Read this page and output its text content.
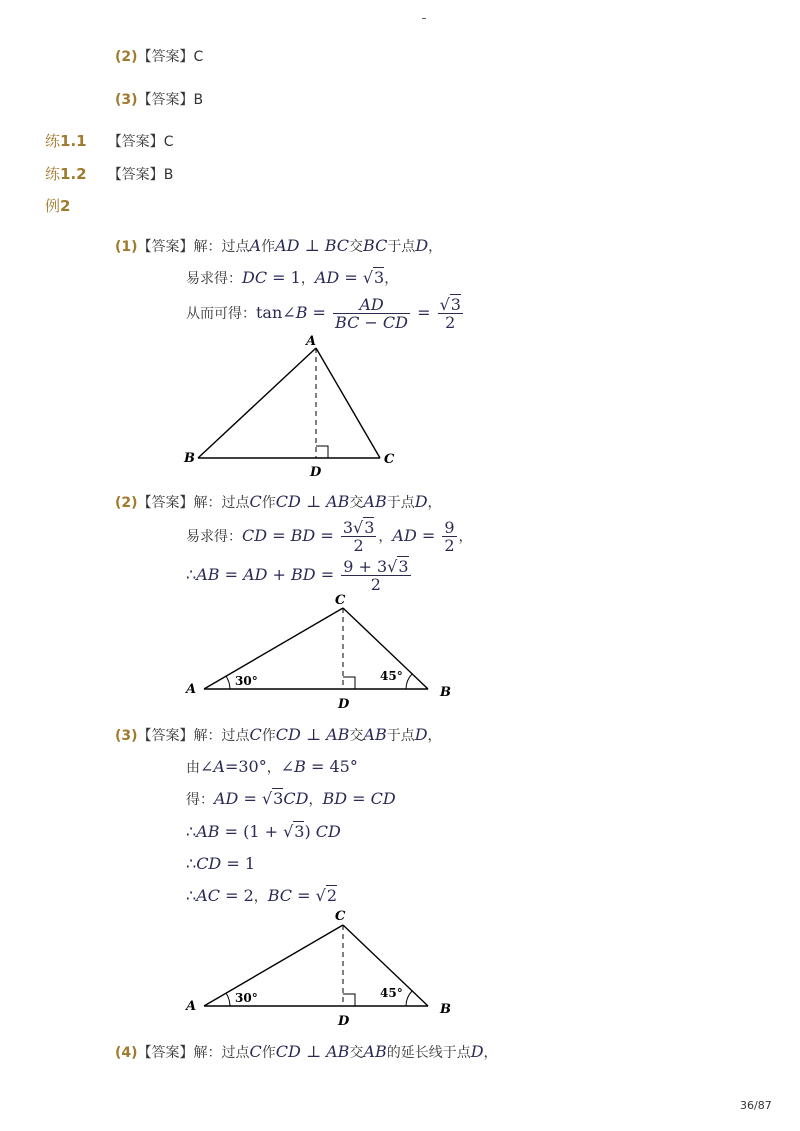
(2)【答案】C
(3)【答案】B
练1.1 【答案】C
练1.2 【答案】B
例2
(1)【答案】解：过点A作AD ⊥ BC交BC于点D，
易求得：DC = 1，AD = √3，
从而可得：tan∠B = $\frac{AD}{BC - CD} = \frac{√3}{2}$
A
B	C
D
(2)【答案】解：过点C作CD ⊥ AB交AB于点D，
易求得：CD = BD = $\frac{3√3}{2}$ ，AD = $\frac{9}{2}$ ，
∴AB = AD + BD = $\frac{9 + 3√3}{2}$
C
A	B
D
30°	45°
(3)【答案】解：过点C作CD ⊥ AB交AB于点D，
由∠A=30°，∠B = 45°
得：AD = √3CD，BD = CD
∴AB = (1 + √3) CD
∴CD = 1
∴AC = 2，BC = √2
C
A	B
D
30°	45°
(4)【答案】解：过点C作CD ⊥ AB交AB的延长线于点D，
36/87
